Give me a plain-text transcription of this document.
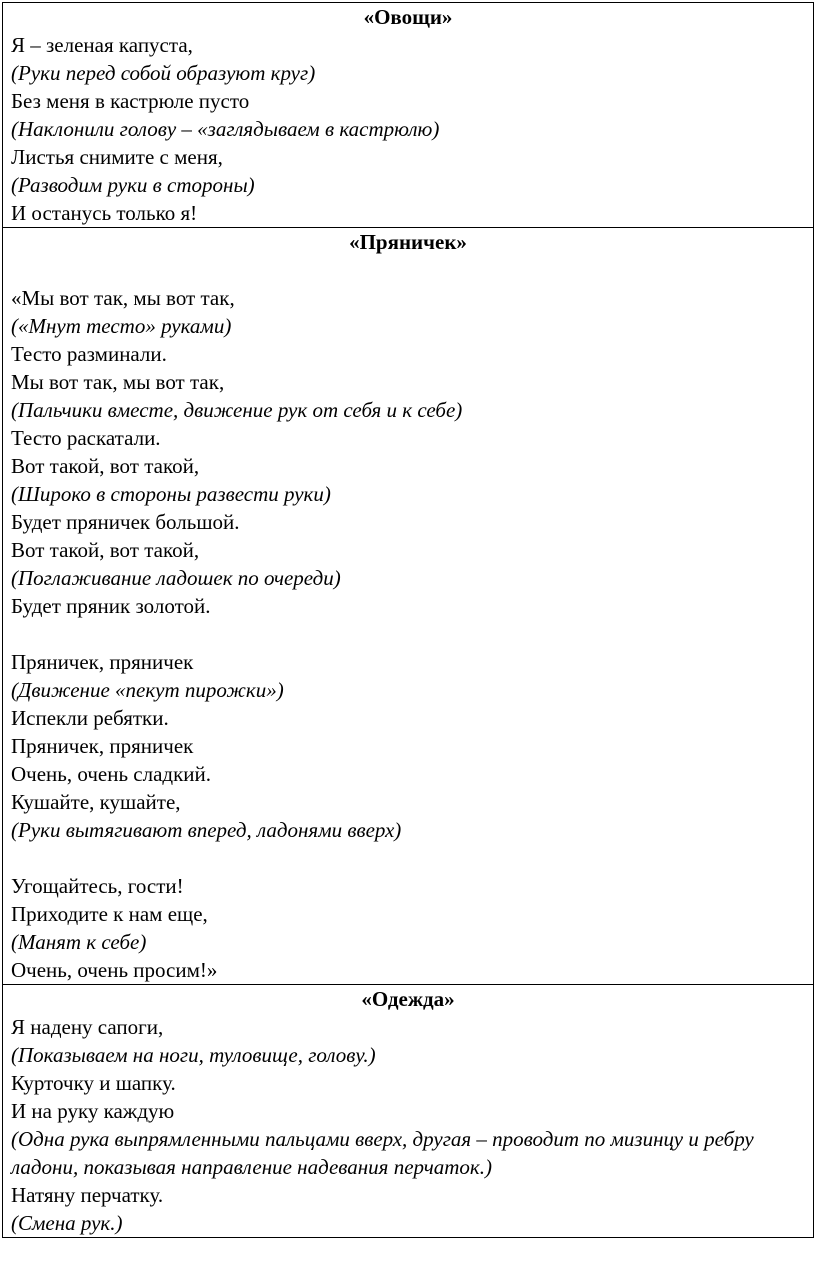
«Овощи»
Я – зеленая капуста,
(Руки перед собой образуют круг)
Без меня в кастрюле пусто
(Наклонили голову – «заглядываем в кастрюлю)
Листья снимите с меня,
(Разводим руки в стороны)
И останусь только я!

«Пряничек»
«Мы вот так, мы вот так,
(«Мнут тесто» руками)
Тесто разминали.
Мы вот так, мы вот так,
(Пальчики вместе, движение рук от себя и к себе)
Тесто раскатали.
Вот такой, вот такой,
(Широко в стороны развести руки)
Будет пряничек большой.
Вот такой, вот такой,
(Поглаживание ладошек по очереди)
Будет пряник золотой.
Пряничек, пряничек
(Движение «пекут пирожки»)
Испекли ребятки.
Пряничек, пряничек
Очень, очень сладкий.
Кушайте, кушайте,
(Руки вытягивают вперед, ладонями вверх)
Угощайтесь, гости!
Приходите к нам еще,
(Манят к себе)
Очень, очень просим!»

«Одежда»
Я надену сапоги,
(Показываем на ноги, туловище, голову.)
Курточку и шапку.
И на руку каждую
(Одна рука выпрямленными пальцами вверх, другая – проводит по мизинцу и ребру ладони, показывая направление надевания перчаток.)
Натяну перчатку.
(Смена рук.)
